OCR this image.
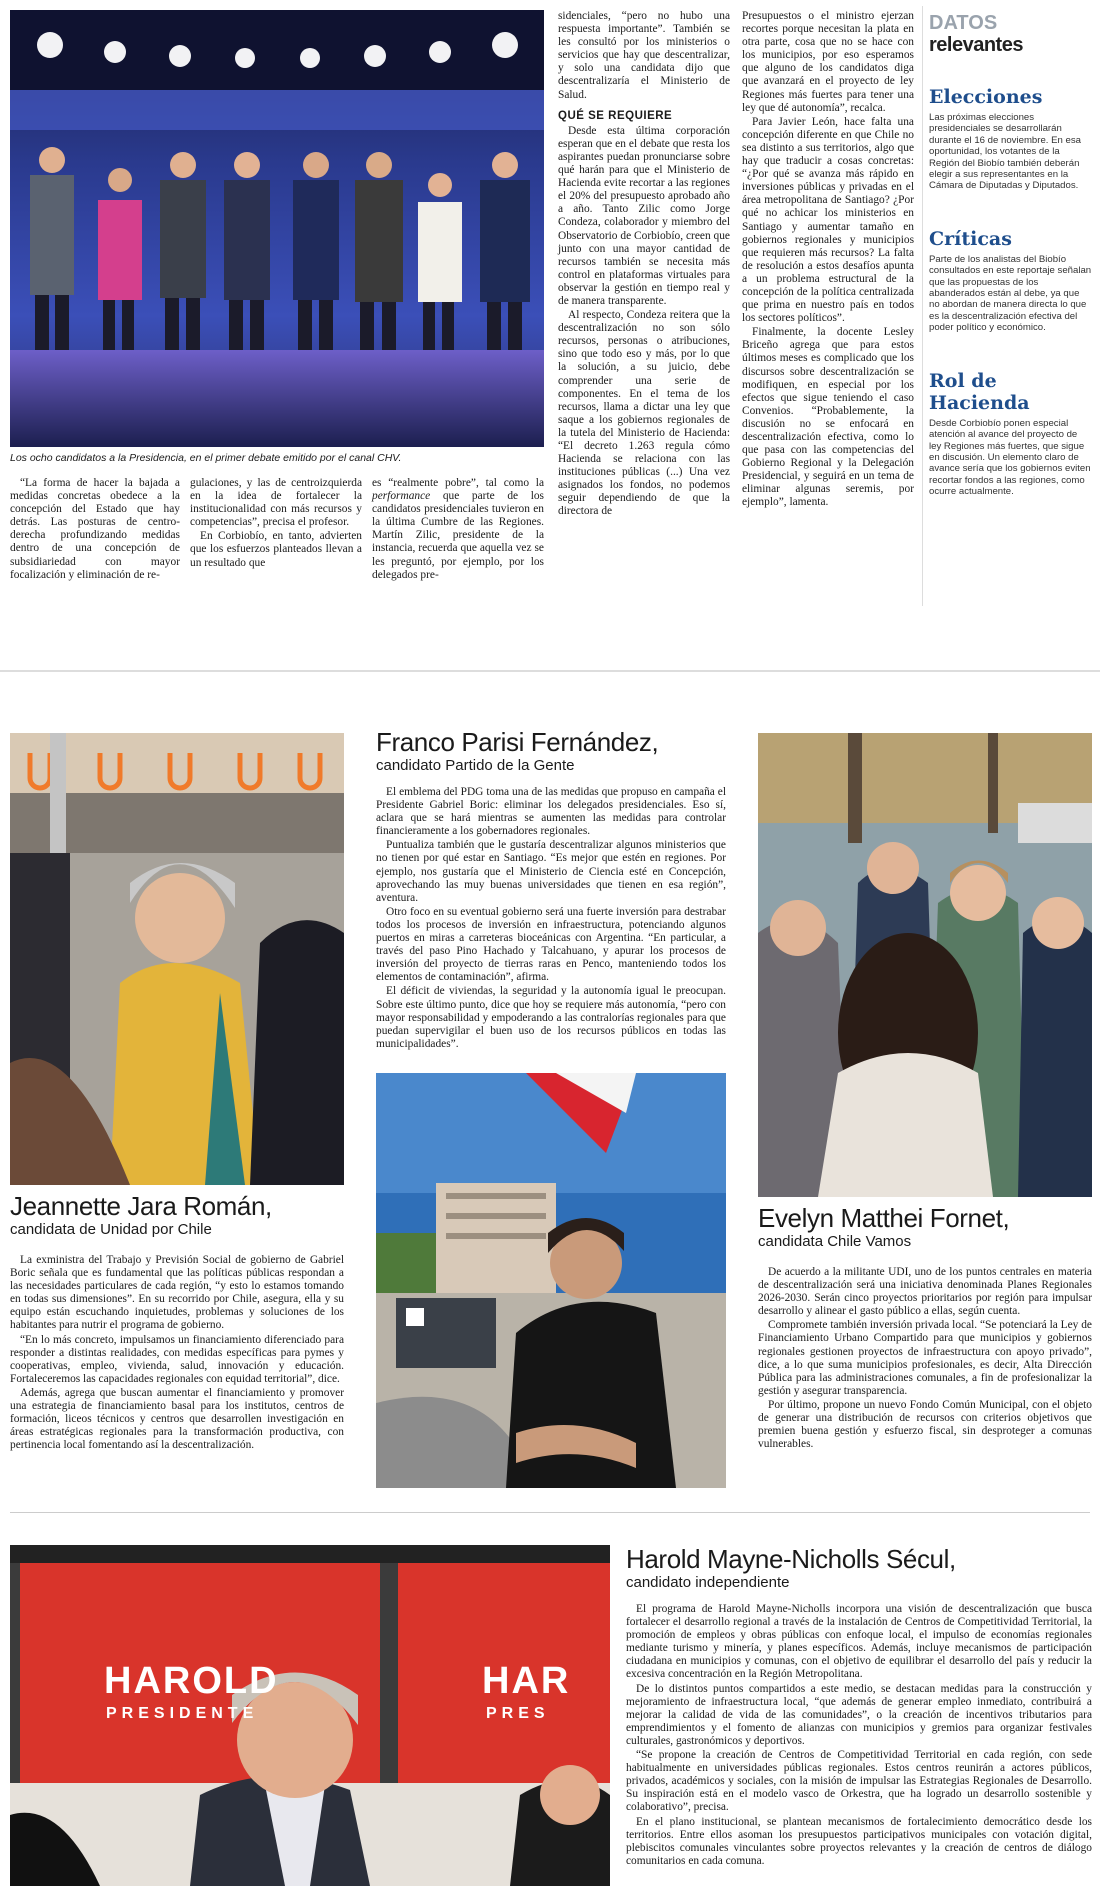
Los ocho candidatos a la Presidencia, en el primer debate emitido por el canal CHV.

“La forma de hacer la bajada a medidas concretas obedece a la concepción del Estado que hay detrás. Las posturas de centro-derecha profundizando medidas dentro de una concepción de subsidiariedad con mayor focalización y eliminación de re-

gulaciones, y las de centroizquierda en la idea de fortalecer la institucionalidad con más recursos y competencias”, precisa el profesor.

En Corbiobío, en tanto, advierten que los esfuerzos plantеados llevan a un resultado que

es “realmente pobre”, tal como la performance que parte de los candidatos presidenciales tuvieron en la última Cumbre de las Regiones. Martín Zilic, presidente de la instancia, recuerda que aquella vez se les preguntó, por ejemplo, por los delegados pre-

sidenciales, “pero no hubo una respuesta importante”. También se les consultó por los ministerios o servicios que hay que descentralizar, y solo una candidata dijo que descentralizaría el Ministerio de Salud.

QUÉ SE REQUIERE

Desde esta última corporación esperan que en el debate que resta los aspirantes puedan pronunciarse sobre qué harán para que el Ministerio de Hacienda evite recortar a las regiones el 20% del presupuesto aprobado año a año. Tanto Zilic como Jorge Condeza, colaborador y miembro del Observatorio de Corbiobío, creen que junto con una mayor cantidad de recursos también se necesita más control en plataformas virtuales para observar la gestión en tiempo real y de manera transparente.

Al respecto, Condeza reitera que la descentralización no son sólo recursos, personas o atribuciones, sino que todo eso y más, por lo que la solución, a su juicio, debe comprender una serie de componentes. En el tema de los recursos, llama a dictar una ley que saque a los gobiernos regionales de la tutela del Ministerio de Hacienda: “El decreto 1.263 regula cómo Hacienda se relaciona con las instituciones públicas (...) Una vez asignados los fondos, no podemos seguir dependiendo de que la directora de

Presupuestos o el ministro ejerzan recortes porque necesitan la plata en otra parte, cosa que no se hace con los municipios, por eso esperamos que alguno de los candidatos diga que avanzará en el proyecto de ley Regiones más fuertes para tener una ley que dé autonomía”, recalca.

Para Javier León, hace falta una concepción diferente en que Chile no sea distinto a sus territorios, algo que hay que traducir a cosas concretas: “¿Por qué se avanza más rápido en inversiones públicas y privadas en el área metropolitana de Santiago? ¿Por qué no achicar los ministerios en Santiago y aumentar tamaño en gobiernos regionales y municipios que requieren más recursos? La falta de resolución a estos desafíos apunta a un problema estructural de la concepción de la política centralizada que prima en nuestro país en todos los sectores políticos”.

Finalmente, la docente Lesley Briceño agrega que para estos últimos meses es complicado que los discursos sobre descentralización se modifiquen, en especial por los efectos que sigue teniendo el caso Convenios. “Probablemente, la discusión no se enfocará en descentralización efectiva, como lo que pasa con las competencias del Gobierno Regional y la Delegación Presidencial, y seguirá en un tema de eliminar algunas seremis, por ejemplo”, lamenta.

DATOS
relevantes
Elecciones
Las próximas elecciones presidenciales se desarrollarán durante el 16 de noviembre. En esa oportunidad, los votantes de la Región del Biobío también deberán elegir a sus representantes en la Cámara de Diputadas y Diputados.
Críticas
Parte de los analistas del Biobío consultados en este reportaje señalan que las propuestas de los abanderados están al debe, ya que no abordan de manera directa lo que es la descentralización efectiva del poder político y económico.
Rol de Hacienda
Desde Corbiobío ponen especial atención al avance del proyecto de ley Regiones más fuertes, que sigue en discusión. Un elemento claro de avance sería que los gobiernos eviten recortar fondos a las regiones, como ocurre actualmente.
Jeannette Jara Román,
candidata de Unidad por Chile

La exministra del Trabajo y Previsión Social de gobierno de Gabriel Boric señala que es fundamental que las políticas públicas respondan a las necesidades particulares de cada región, “y esto lo estamos tomando en todas sus dimensiones”. En su recorrido por Chile, asegura, ella y su equipo están escuchando inquietudes, problemas y soluciones de los habitantes para nutrir el programa de gobierno.

“En lo más concreto, impulsamos un financiamiento diferenciado para responder a distintas realidades, con medidas específicas para pymes y cooperativas, empleo, vivienda, salud, innovación y educación. Fortaleceremos las capacidades regionales con equidad territorial”, dice.

Además, agrega que buscan aumentar el financiamiento y promover una estrategia de financiamiento basal para los institutos, centros de formación, liceos técnicos y centros que desarrollen investigación en áreas estratégicas regionales para la transformación productiva, con pertinencia local fomentando así la descentralización.

Franco Parisi Fernández,
candidato Partido de la Gente

El emblema del PDG toma una de las medidas que propuso en campaña el Presidente Gabriel Boric: eliminar los delegados presidenciales. Eso sí, aclara que se hará mientras se aumenten las medidas para controlar financieramente a los gobernadores regionales.

Puntualiza también que le gustaría descentralizar algunos ministerios que no tienen por qué estar en Santiago. “Es mejor que estén en regiones. Por ejemplo, nos gustaría que el Ministerio de Ciencia esté en Concepción, aprovechando las muy buenas universidades que tienen en esa región”, aventura.

Otro foco en su eventual gobierno será una fuerte inversión para destrabar todos los procesos de inversión en infraestructura, potenciando algunos puertos en miras a carreteras bioceánicas con Argentina. “En particular, a través del paso Pino Hachado y Talcahuano, y apurar los procesos de inversión del proyecto de tierras raras en Penco, manteniendo todos los elementos de contaminación”, afirma.

El déficit de viviendas, la seguridad y la autonomía igual le preocupan. Sobre este último punto, dice que hoy se requiere más autonomía, “pero con mayor responsabilidad y empoderando a las contralorías regionales para que puedan supervigilar el buen uso de los recursos públicos en todas las municipalidades”.

Evelyn Matthei Fornet,
candidata Chile Vamos

De acuerdo a la militante UDI, uno de los puntos centrales en materia de descentralización será una iniciativa denominada Planes Regionales 2026-2030. Serán cinco proyectos prioritarios por región para impulsar desarrollo y alinear el gasto público a ellas, según cuenta.

Compromete también inversión privada local. “Se potenciará la Ley de Financiamiento Urbano Compartido para que municipios y gobiernos regionales gestionen proyectos de infraestructura con apoyo privado”, dice, a lo que suma municipios profesionales, es decir, Alta Dirección Pública para las administraciones comunales, a fin de profesionalizar la gestión y asegurar transparencia.

Por último, propone un nuevo Fondo Común Municipal, con el objeto de generar una distribución de recursos con criterios objetivos que premien buena gestión y esfuerzo fiscal, sin desproteger a comunas vulnerables.

HAROLD
PRESIDENTE
HAR
PRES
Harold Mayne-Nicholls Sécul,
candidato independiente

El programa de Harold Mayne-Nicholls incorpora una visión de descentralización que busca fortalecer el desarrollo regional a través de la instalación de Centros de Competitividad Territorial, la promoción de empleos y obras públicas con enfoque local, el impulso de economías regionales mediante turismo y minería, y planes específicos. Además, incluye mecanismos de participación ciudadana en municipios y comunas, con el objetivo de equilibrar el desarrollo del país y reducir la excesiva concentración en la Región Metropolitana.

De lo distintos puntos compartidos a este medio, se destacan medidas para la construcción y mejoramiento de infraestructura local, “que además de generar empleo inmediato, contribuirá a mejorar la calidad de vida de las comunidades”, o la creación de incentivos tributarios para emprendimientos y el fomento de alianzas con municipios y gremios para organizar festivales culturales, gastronómicos y deportivos.

“Se propone la creación de Centros de Competitividad Territorial en cada región, con sede habitualmente en universidades públicas regionales. Estos centros reunirán a actores públicos, privados, académicos y sociales, con la misión de impulsar las Estrategias Regionales de Desarrollo. Su inspiración está en el modelo vasco de Orkestra, que ha logrado un desarrollo sostenible y colaborativo”, precisa.

En el plano institucional, se plantean mecanismos de fortalecimiento democrático desde los territorios. Entre ellos asoman los presupuestos participativos municipales con votación digital, plebiscitos comunales vinculantes sobre proyectos relevantes y la creación de centros de diálogo comunitarios en cada comuna.
